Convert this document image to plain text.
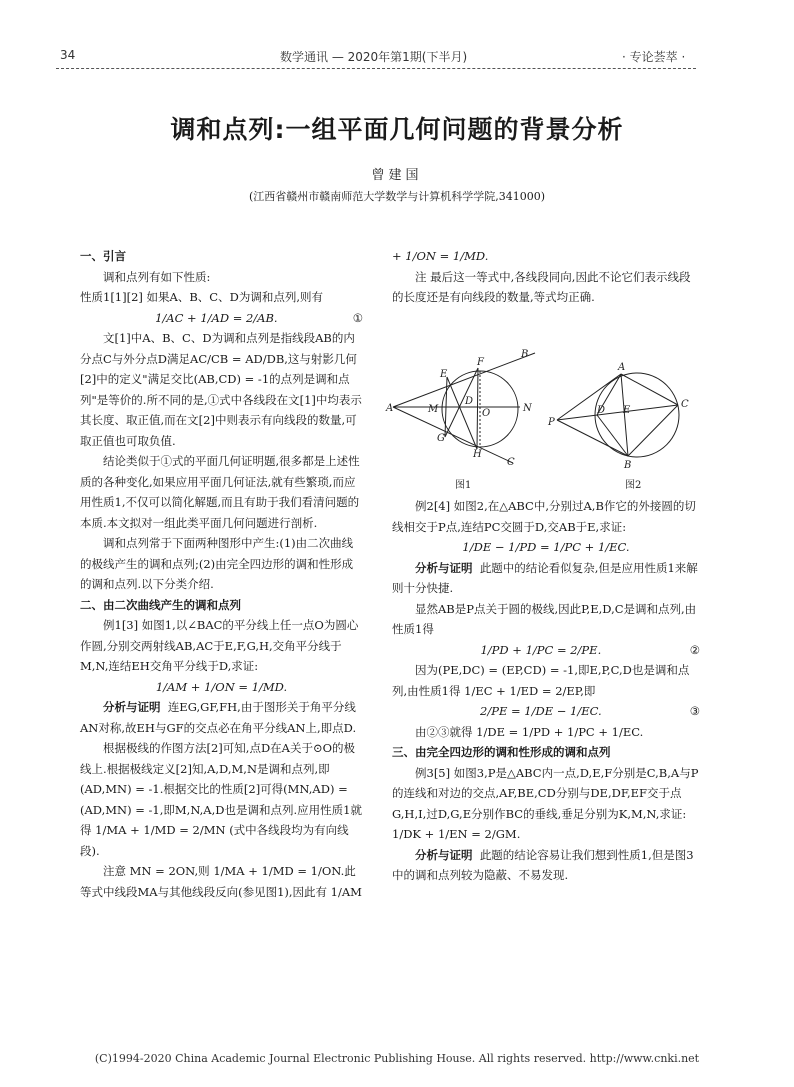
34	数学通讯 — 2020年第1期(下半月)	· 专论荟萃 ·
调和点列:一组平面几何问题的背景分析
曾建国
(江西省赣州市赣南师范大学数学与计算机科学学院,341000)

一、引言

调和点列有如下性质:

性质1[1][2] 如果A、B、C、D为调和点列,则有

1/AC + 1/AD = 2/AB.	①

文[1]中A、B、C、D为调和点列是指线段AB的内分点C与外分点D满足AC/CB = AD/DB,这与射影几何[2]中的定义"满足交比(AB,CD) = -1的点列是调和点列"是等价的.所不同的是,①式中各线段在文[1]中均表示其长度、取正值,而在文[2]中则表示有向线段的数量,可取正值也可取负值.

结论类似于①式的平面几何证明题,很多都是上述性质的各种变化,如果应用平面几何证法,就有些繁琐,而应用性质1,不仅可以简化解题,而且有助于我们看清问题的本质.本文拟对一组此类平面几何问题进行剖析.

调和点列常于下面两种图形中产生:(1)由二次曲线的极线产生的调和点列;(2)由完全四边形的调和性形成的调和点列.以下分类介绍.

二、由二次曲线产生的调和点列

例1[3] 如图1,以∠BAC的平分线上任一点O为圆心作圆,分别交两射线AB,AC于E,F,G,H,交角平分线于M,N,连结EH交角平分线于D,求证:

1/AM + 1/ON = 1/MD.

分析与证明 连EG,GF,FH,由于图形关于角平分线AN对称,故EH与GF的交点必在角平分线AN上,即点D.

根据极线的作图方法[2]可知,点D在A关于⊙O的极线上.根据极线定义[2]知,A,D,M,N是调和点列,即(AD,MN) = -1.根据交比的性质[2]可得(MN,AD) = (AD,MN) = -1,即M,N,A,D也是调和点列.应用性质1就得 1/MA + 1/MD = 2/MN (式中各线段均为有向线段).

注意 MN = 2ON,则 1/MA + 1/MD = 1/ON.此等式中线段MA与其他线段反向(参见图1),因此有 1/AM

+ 1/ON = 1/MD.

注 最后这一等式中,各线段同向,因此不论它们表示线段的长度还是有向线段的数量,等式均正确.

A
B
C
E
F
G
H
M	N
O
D
P
A
B
C
D E
图1	图2

例2[4] 如图2,在△ABC中,分别过A,B作它的外接圆的切线相交于P点,连结PC交圆于D,交AB于E,求证:

1/DE − 1/PD = 1/PC + 1/EC.

分析与证明 此题中的结论看似复杂,但是应用性质1来解则十分快捷.

显然AB是P点关于圆的极线,因此P,E,D,C是调和点列,由性质1得

1/PD + 1/PC = 2/PE.	②

因为(PE,DC) = (EP,CD) = -1,即E,P,C,D也是调和点列,由性质1得 1/EC + 1/ED = 2/EP,即

2/PE = 1/DE − 1/EC.	③

由②③就得 1/DE = 1/PD + 1/PC + 1/EC.

三、由完全四边形的调和性形成的调和点列

例3[5] 如图3,P是△ABC内一点,D,E,F分别是C,B,A与P的连线和对边的交点,AF,BE,CD分别与DE,DF,EF交于点G,H,I,过D,G,E分别作BC的垂线,垂足分别为K,M,N,求证: 1/DK + 1/EN = 2/GM.

分析与证明 此题的结论容易让我们想到性质1,但是图3中的调和点列较为隐蔽、不易发现.

(C)1994-2020 China Academic Journal Electronic Publishing House. All rights reserved. http://www.cnki.net
